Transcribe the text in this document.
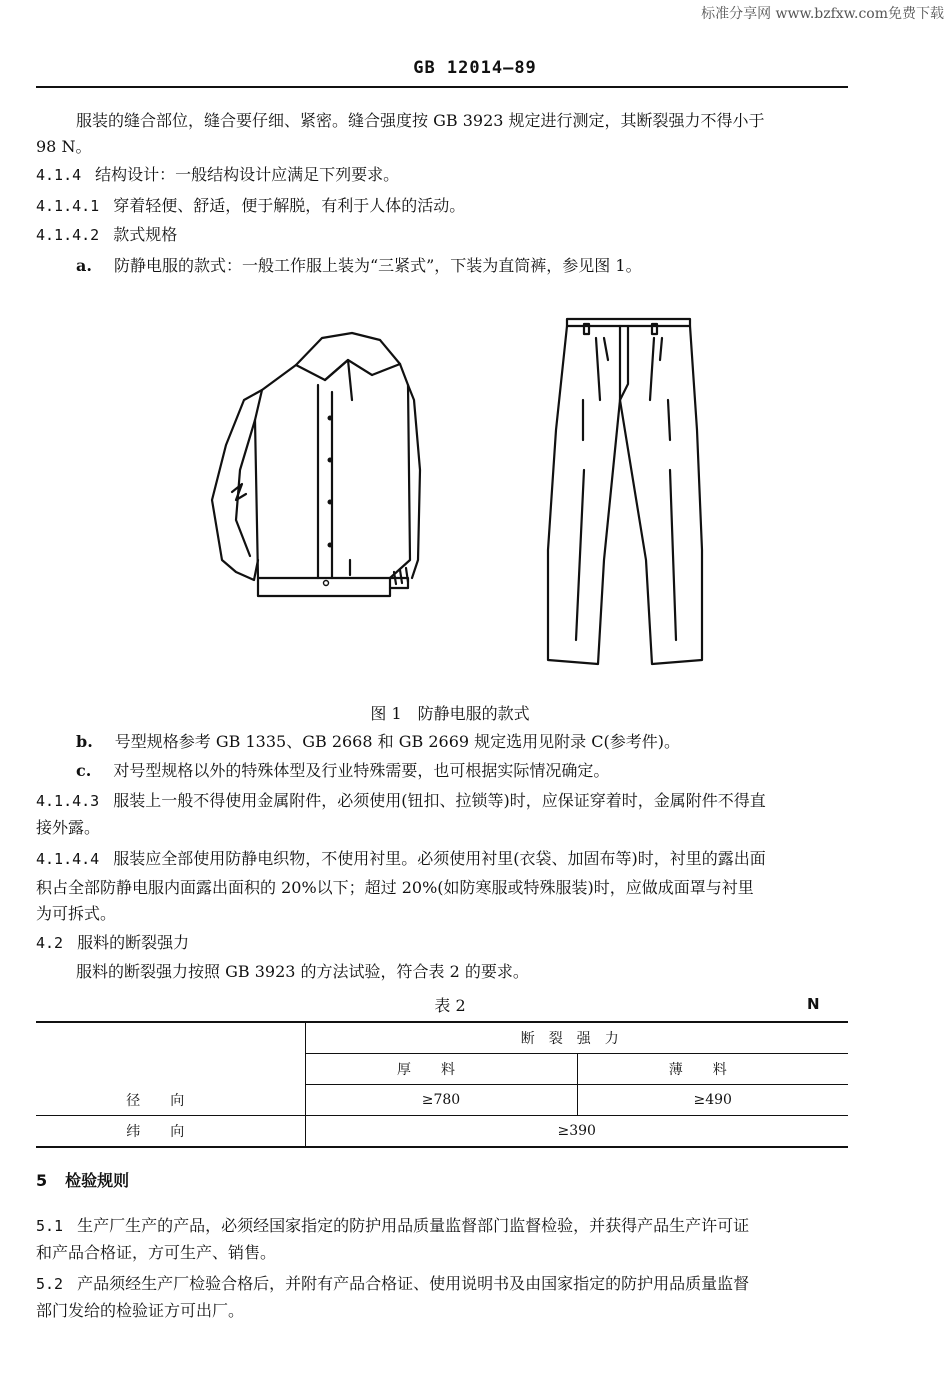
标准分享网 www.bzfxw.com免费下载
GB 12014—89
服装的缝合部位，缝合要仔细、紧密。缝合强度按 GB 3923 规定进行测定，其断裂强力不得小于
98 N。
4.1.4 结构设计：一般结构设计应满足下列要求。
4.1.4.1 穿着轻便、舒适，便于解脱，有利于人体的活动。
4.1.4.2 款式规格
a. 防静电服的款式：一般工作服上装为“三紧式”，下装为直筒裤，参见图 1。
图 1　防静电服的款式
b. 号型规格参考 GB 1335、GB 2668 和 GB 2669 规定选用见附录 C(参考件)。
c. 对号型规格以外的特殊体型及行业特殊需要，也可根据实际情况确定。
4.1.4.3 服装上一般不得使用金属附件，必须使用(钮扣、拉锁等)时，应保证穿着时，金属附件不得直
接外露。
4.1.4.4 服装应全部使用防静电织物，不使用衬里。必须使用衬里(衣袋、加固布等)时，衬里的露出面
积占全部防静电服内面露出面积的 20%以下；超过 20%(如防寒服或特殊服装)时，应做成面罩与衬里
为可拆式。
4.2 服料的断裂强力
服料的断裂强力按照 GB 3923 的方法试验，符合表 2 的要求。
表 2	N
	断裂强力	
	厚料	薄料
径向	≥780	≥490
纬向	≥390	
5 检验规则
5.1 生产厂生产的产品，必须经国家指定的防护用品质量监督部门监督检验，并获得产品生产许可证
和产品合格证，方可生产、销售。
5.2 产品须经生产厂检验合格后，并附有产品合格证、使用说明书及由国家指定的防护用品质量监督
部门发给的检验证方可出厂。
